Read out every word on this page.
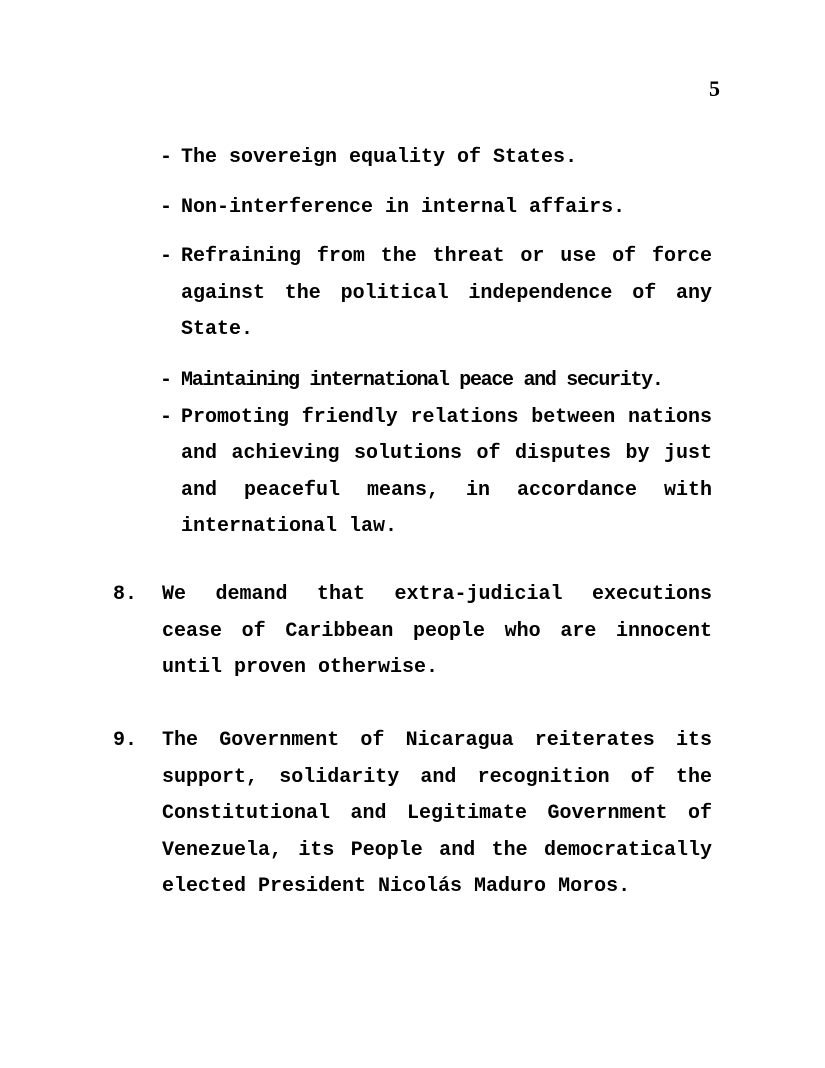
5
- The sovereign equality of States.
- Non-interference in internal affairs.
- Refraining from the threat or use of force against the political independence of any State.
- Maintaining international peace and security.
- Promoting friendly relations between nations and achieving solutions of disputes by just and peaceful means, in accordance with international law.
8.	We demand that extra-judicial executions cease of Caribbean people who are innocent until proven otherwise.
9.	The Government of Nicaragua reiterates its support, solidarity and recognition of the Constitutional and Legitimate Government of Venezuela, its People and the democratically elected President Nicolás Maduro Moros.
